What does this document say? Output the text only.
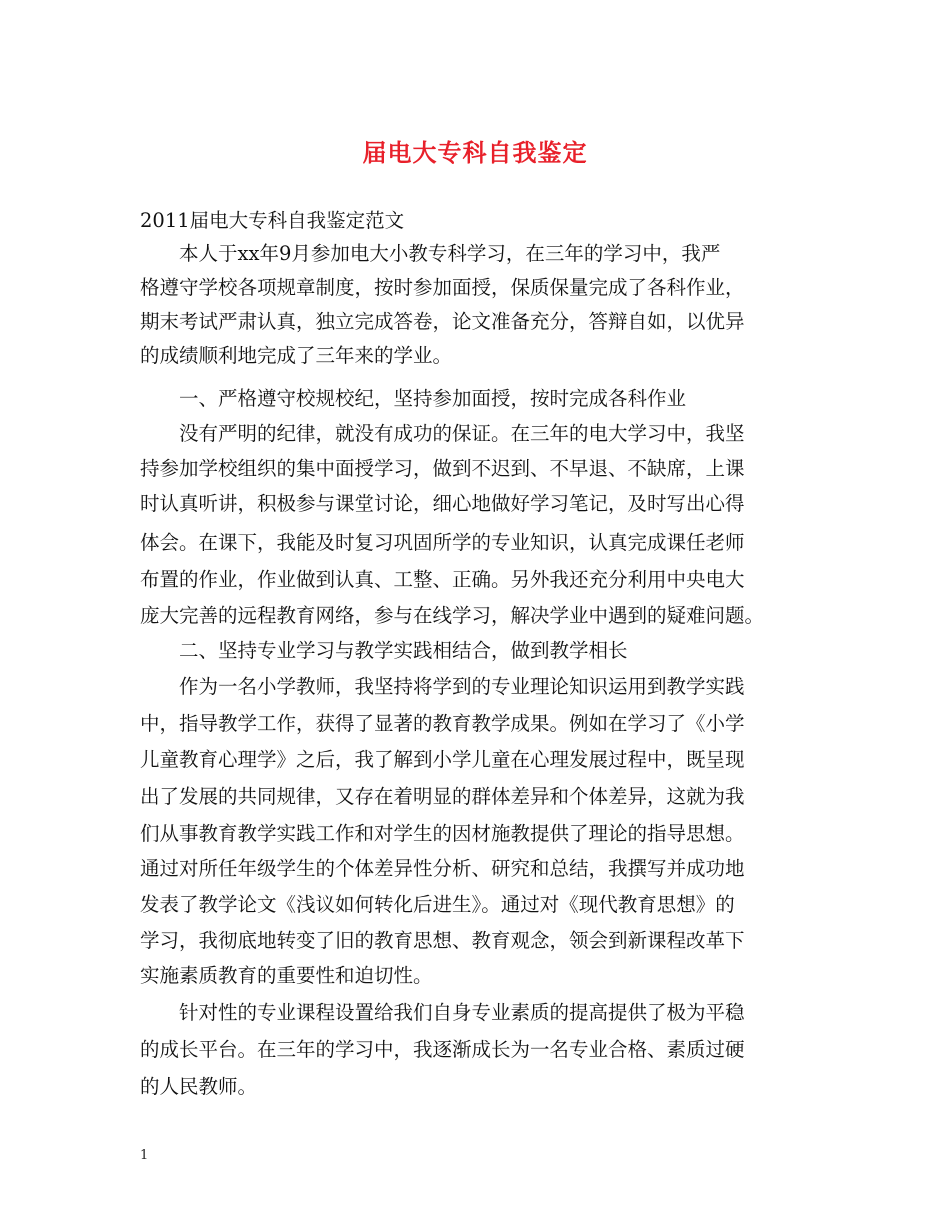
届电大专科自我鉴定
2011届电大专科自我鉴定范文
　　本人于xx年9月参加电大小教专科学习，在三年的学习中，我严
格遵守学校各项规章制度，按时参加面授，保质保量完成了各科作业，
期末考试严肃认真，独立完成答卷，论文准备充分，答辩自如，以优异
的成绩顺利地完成了三年来的学业。
　　一、严格遵守校规校纪，坚持参加面授，按时完成各科作业
　　没有严明的纪律，就没有成功的保证。在三年的电大学习中，我坚
持参加学校组织的集中面授学习，做到不迟到、不早退、不缺席，上课
时认真听讲，积极参与课堂讨论，细心地做好学习笔记，及时写出心得
体会。在课下，我能及时复习巩固所学的专业知识，认真完成课任老师
布置的作业，作业做到认真、工整、正确。另外我还充分利用中央电大
庞大完善的远程教育网络，参与在线学习，解决学业中遇到的疑难问题。
　　二、坚持专业学习与教学实践相结合，做到教学相长
　　作为一名小学教师，我坚持将学到的专业理论知识运用到教学实践
中，指导教学工作，获得了显著的教育教学成果。例如在学习了《小学
儿童教育心理学》之后，我了解到小学儿童在心理发展过程中，既呈现
出了发展的共同规律，又存在着明显的群体差异和个体差异，这就为我
们从事教育教学实践工作和对学生的因材施教提供了理论的指导思想。
通过对所任年级学生的个体差异性分析、研究和总结，我撰写并成功地
发表了教学论文《浅议如何转化后进生》。通过对《现代教育思想》的
学习，我彻底地转变了旧的教育思想、教育观念，领会到新课程改革下
实施素质教育的重要性和迫切性。
　　针对性的专业课程设置给我们自身专业素质的提高提供了极为平稳
的成长平台。在三年的学习中，我逐渐成长为一名专业合格、素质过硬
的人民教师。
1
